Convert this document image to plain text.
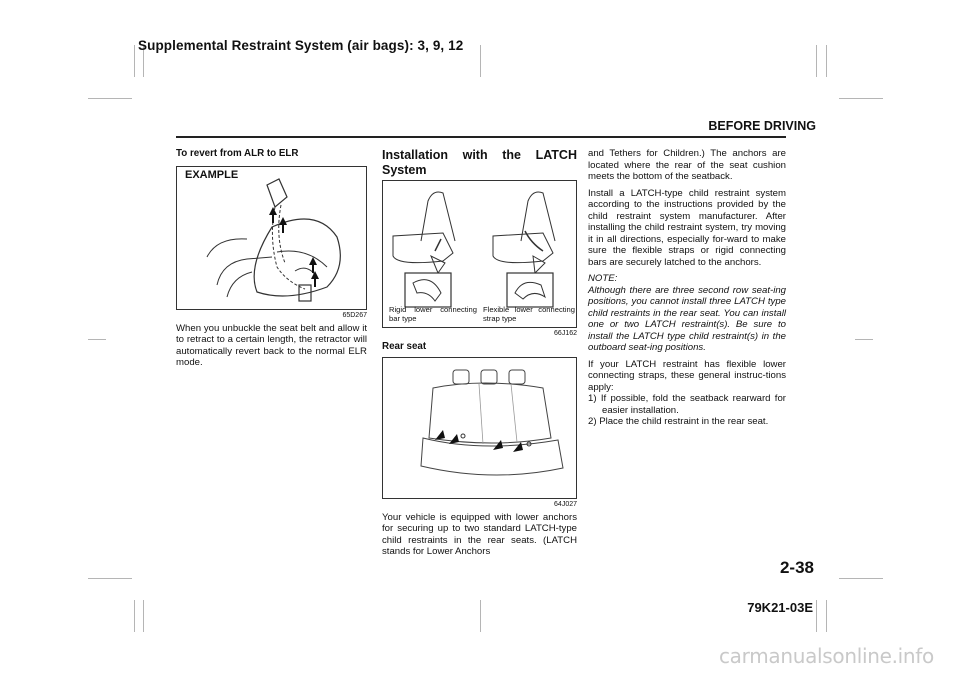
Supplemental Restraint System (air bags): 3, 9, 12
BEFORE DRIVING
To revert from ALR to ELR
EXAMPLE
65D267

When you unbuckle the seat belt and allow it to retract to a certain length, the retractor will automatically revert back to the normal ELR mode.

Installation with the LATCH System
Rigid lower connecting bar type
Flexible lower connecting strap type
66J162
Rear seat
64J027

Your vehicle is equipped with lower anchors for securing up to two standard LATCH-type child restraints in the rear seats. (LATCH stands for Lower Anchors

and Tethers for Children.) The anchors are located where the rear of the seat cushion meets the bottom of the seatback.

Install a LATCH-type child restraint system according to the instructions provided by the child restraint system manufacturer. After installing the child restraint system, try moving it in all directions, especially for-ward to make sure the flexible straps or rigid connecting bars are securely latched to the anchors.

NOTE:

Although there are three second row seat-ing positions, you cannot install three LATCH type child restraints in the rear seat. You can install one or two LATCH restraint(s). Be sure to install the LATCH type child restraint(s) in the outboard seat-ing positions.

If your LATCH restraint has flexible lower connecting straps, these general instruc-tions apply:

1) If possible, fold the seatback rearward for easier installation.
2) Place the child restraint in the rear seat.
2-38
79K21-03E
carmanualsonline.info
